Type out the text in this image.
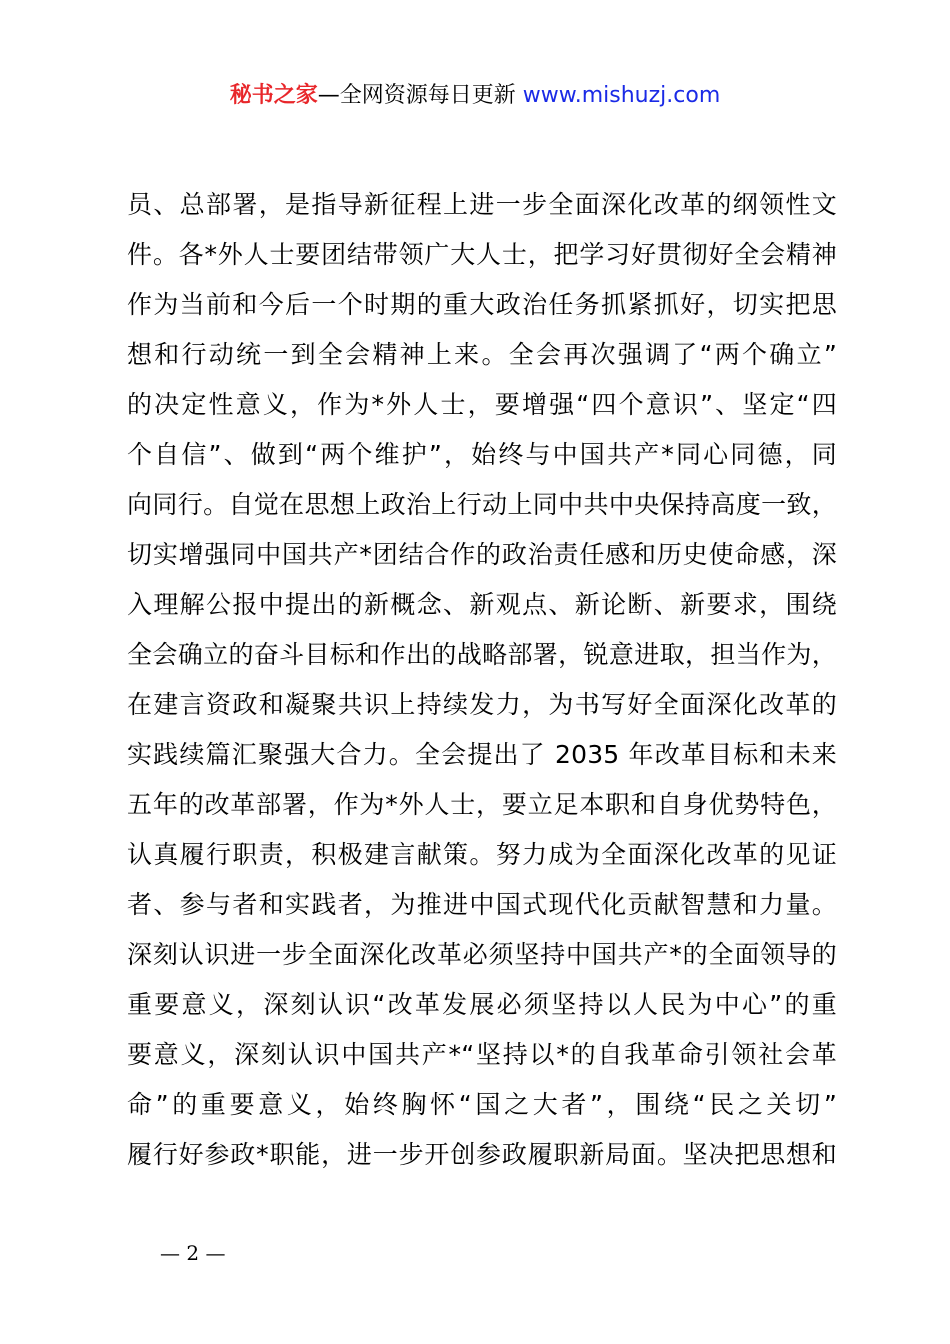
秘书之家—全网资源每日更新 www.mishuzj.com
员、总部署，是指导新征程上进一步全面深化改革的纲领性文
件。各*外人士要团结带领广大人士，把学习好贯彻好全会精神
作为当前和今后一个时期的重大政治任务抓紧抓好，切实把思
想和行动统一到全会精神上来。全会再次强调了“两个确立”
的决定性意义，作为*外人士，要增强“四个意识”、坚定“四
个自信”、做到“两个维护”，始终与中国共产*同心同德，同
向同行。自觉在思想上政治上行动上同中共中央保持高度一致，
切实增强同中国共产*团结合作的政治责任感和历史使命感，深
入理解公报中提出的新概念、新观点、新论断、新要求，围绕
全会确立的奋斗目标和作出的战略部署，锐意进取，担当作为，
在建言资政和凝聚共识上持续发力，为书写好全面深化改革的
实践续篇汇聚强大合力。全会提出了 2035 年改革目标和未来
五年的改革部署，作为*外人士，要立足本职和自身优势特色，
认真履行职责，积极建言献策。努力成为全面深化改革的见证
者、参与者和实践者，为推进中国式现代化贡献智慧和力量。
深刻认识进一步全面深化改革必须坚持中国共产*的全面领导的
重要意义，深刻认识“改革发展必须坚持以人民为中心”的重
要意义，深刻认识中国共产*“坚持以*的自我革命引领社会革
命”的重要意义，始终胸怀“国之大者”，围绕“民之关切”
履行好参政*职能，进一步开创参政履职新局面。坚决把思想和
— 2 —
